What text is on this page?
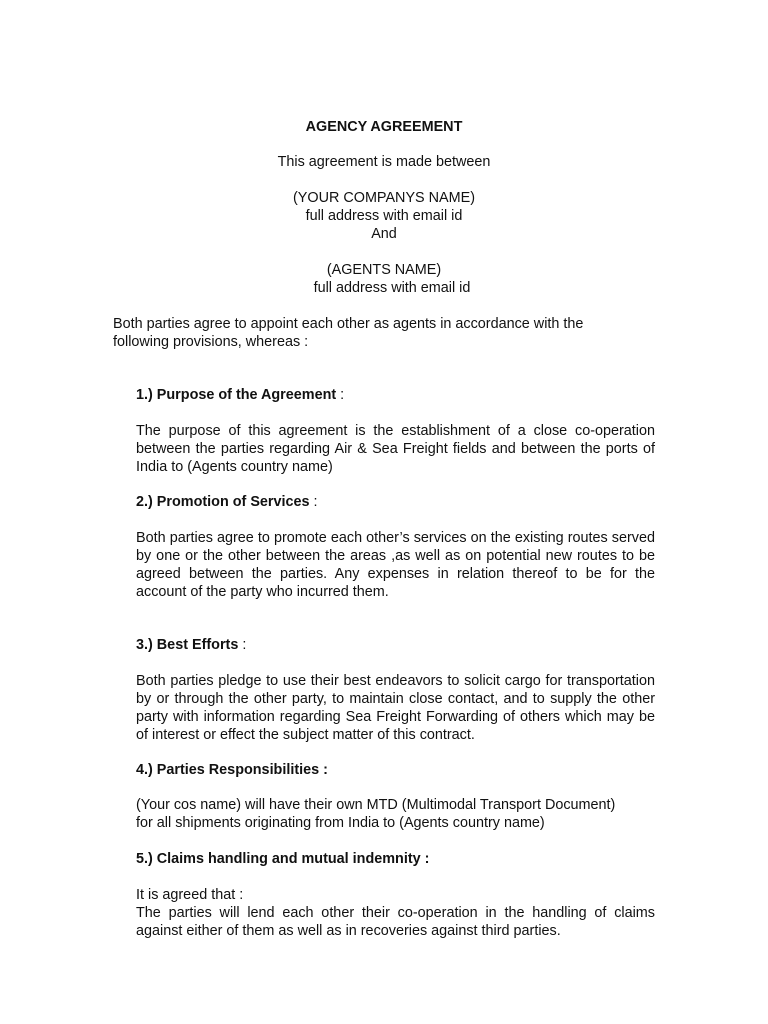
AGENCY AGREEMENT
This agreement is made between
(YOUR COMPANYS NAME)
full address with email id
And
(AGENTS NAME)
full address with email id
Both parties agree to appoint each other as agents in accordance with the
following provisions, whereas :
1.) Purpose of the Agreement :
The purpose of this agreement is the establishment of a close co-operation between the parties regarding Air & Sea Freight fields and between the ports of India to (Agents country name)
2.) Promotion of Services :
Both parties agree to promote each other’s services on the existing routes served by one or the other between the areas ,as well as on potential new routes to be agreed between the parties. Any expenses in relation thereof to be for the account of the party who incurred them.
3.) Best Efforts :
Both parties pledge to use their best endeavors to solicit cargo for transportation by or through the other party, to maintain close contact, and to supply the other party with information regarding Sea Freight Forwarding of others which may be of interest or effect the subject matter of this contract.
4.) Parties Responsibilities :
(Your cos name) will have their own MTD (Multimodal Transport Document)
for all shipments originating from India to (Agents country name)
5.) Claims handling and mutual indemnity :
It is agreed that :
The parties will lend each other their co-operation in the handling of claims against either of them as well as in recoveries against third parties.
